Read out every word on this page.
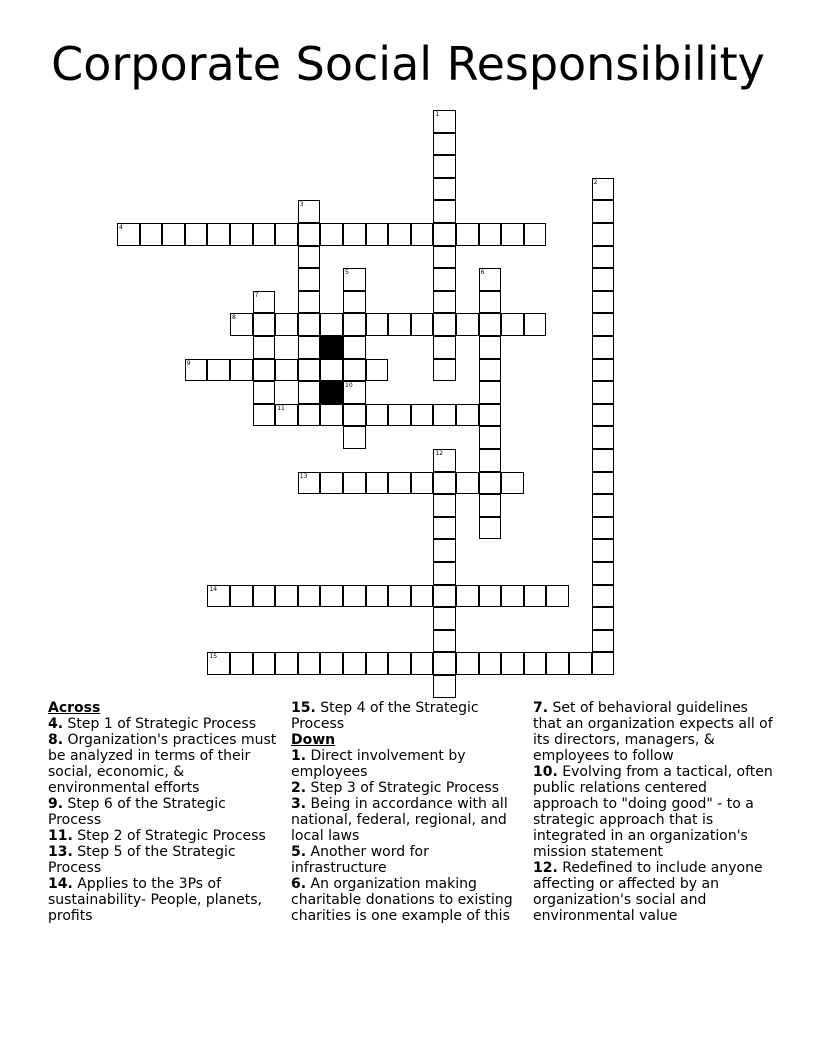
Corporate Social Responsibility
1
2
3
4
5	6
7
8
9
10
11
12
13
14
15
Across

4. Step 1 of Strategic Process

8. Organization's practices must be analyzed in terms of their social, economic, & environmental efforts

9. Step 6 of the Strategic Process

11. Step 2 of Strategic Process

13. Step 5 of the Strategic Process

14. Applies to the 3Ps of sustainability- People, planets, profits

15. Step 4 of the Strategic Process

Down

1. Direct involvement by employees

2. Step 3 of Strategic Process

3. Being in accordance with all national, federal, regional, and local laws

5. Another word for infrastructure

6. An organization making charitable donations to existing charities is one example of this

7. Set of behavioral guidelines that an organization expects all of its directors, managers, & employees to follow

10. Evolving from a tactical, often public relations centered approach to "doing good" - to a strategic approach that is integrated in an organization's mission statement

12. Redefined to include anyone affecting or affected by an organization's social and environmental value
